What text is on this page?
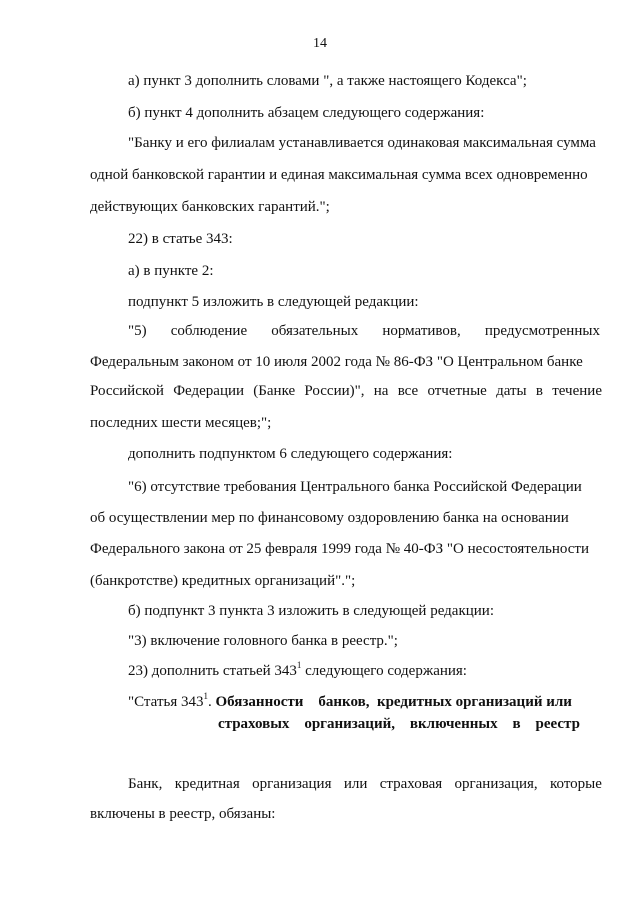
14
а) пункт 3 дополнить словами ", а также настоящего Кодекса";
б) пункт 4 дополнить абзацем следующего содержания:
"Банку и его филиалам устанавливается одинаковая максимальная сумма
одной банковской гарантии и единая максимальная сумма всех одновременно
действующих банковских гарантий.";
22) в статье 343:
а) в пункте 2:
подпункт 5 изложить в следующей редакции:
"5) соблюдение обязательных нормативов, предусмотренных
Федеральным законом от 10 июля 2002 года № 86-ФЗ "О Центральном банке
Российской Федерации (Банке России)", на все отчетные даты в течение
последних шести месяцев;";
дополнить подпунктом 6 следующего содержания:
"6) отсутствие требования Центрального банка Российской Федерации
об осуществлении мер по финансовому оздоровлению банка на основании
Федерального закона от 25 февраля 1999 года № 40-ФЗ "О несостоятельности
(банкротстве) кредитных организаций".";
б) подпункт 3 пункта 3 изложить в следующей редакции:
"3) включение головного банка в реестр.";
23) дополнить статьей $343^1$ следующего содержания:
"Статья $343^1$. Обязанности    банков,  кредитных организаций или
страховых организаций, включенных в реестр
Банк, кредитная организация или страховая организация, которые
включены в реестр, обязаны:
